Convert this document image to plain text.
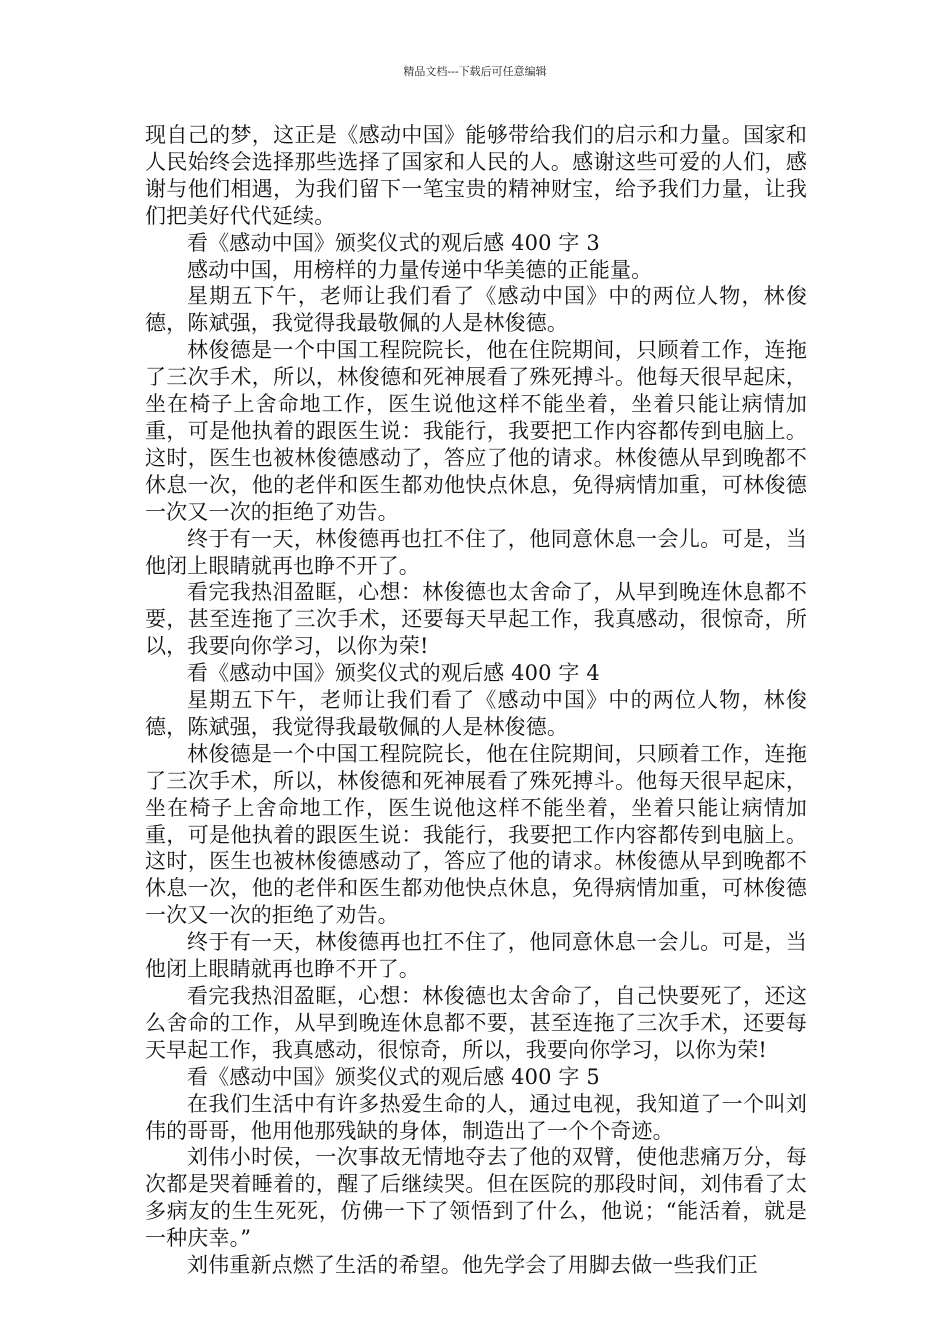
精品文档---下载后可任意编辑

现自己的梦，这正是《感动中国》能够带给我们的启示和力量。国家和人民始终会选择那些选择了国家和人民的人。感谢这些可爱的人们，感谢与他们相遇，为我们留下一笔宝贵的精神财宝，给予我们力量，让我们把美好代代延续。

看《感动中国》颁奖仪式的观后感 400 字 3

感动中国，用榜样的力量传递中华美德的正能量。

星期五下午，老师让我们看了《感动中国》中的两位人物，林俊德，陈斌强，我觉得我最敬佩的人是林俊德。

林俊德是一个中国工程院院长，他在住院期间，只顾着工作，连拖了三次手术，所以，林俊德和死神展看了殊死搏斗。他每天很早起床，坐在椅子上舍命地工作，医生说他这样不能坐着，坐着只能让病情加重，可是他执着的跟医生说：我能行，我要把工作内容都传到电脑上。这时，医生也被林俊德感动了，答应了他的请求。林俊德从早到晚都不休息一次，他的老伴和医生都劝他快点休息，免得病情加重，可林俊德一次又一次的拒绝了劝告。

终于有一天，林俊德再也扛不住了，他同意休息一会儿。可是，当他闭上眼睛就再也睁不开了。

看完我热泪盈眶，心想：林俊德也太舍命了，从早到晚连休息都不要，甚至连拖了三次手术，还要每天早起工作，我真感动，很惊奇，所以，我要向你学习，以你为荣!

看《感动中国》颁奖仪式的观后感 400 字 4

星期五下午，老师让我们看了《感动中国》中的两位人物，林俊德，陈斌强，我觉得我最敬佩的人是林俊德。

林俊德是一个中国工程院院长，他在住院期间，只顾着工作，连拖了三次手术，所以，林俊德和死神展看了殊死搏斗。他每天很早起床，坐在椅子上舍命地工作，医生说他这样不能坐着，坐着只能让病情加重，可是他执着的跟医生说：我能行，我要把工作内容都传到电脑上。这时，医生也被林俊德感动了，答应了他的请求。林俊德从早到晚都不休息一次，他的老伴和医生都劝他快点休息，免得病情加重，可林俊德一次又一次的拒绝了劝告。

终于有一天，林俊德再也扛不住了，他同意休息一会儿。可是，当他闭上眼睛就再也睁不开了。

看完我热泪盈眶，心想：林俊德也太舍命了，自己快要死了，还这么舍命的工作，从早到晚连休息都不要，甚至连拖了三次手术，还要每天早起工作，我真感动，很惊奇，所以，我要向你学习，以你为荣!

看《感动中国》颁奖仪式的观后感 400 字 5

在我们生活中有许多热爱生命的人，通过电视，我知道了一个叫刘伟的哥哥，他用他那残缺的身体，制造出了一个个奇迹。

刘伟小时侯，一次事故无情地夺去了他的双臂，使他悲痛万分，每次都是哭着睡着的，醒了后继续哭。但在医院的那段时间，刘伟看了太多病友的生生死死，仿佛一下了领悟到了什么，他说；“能活着，就是一种庆幸。”

刘伟重新点燃了生活的希望。他先学会了用脚去做一些我们正
